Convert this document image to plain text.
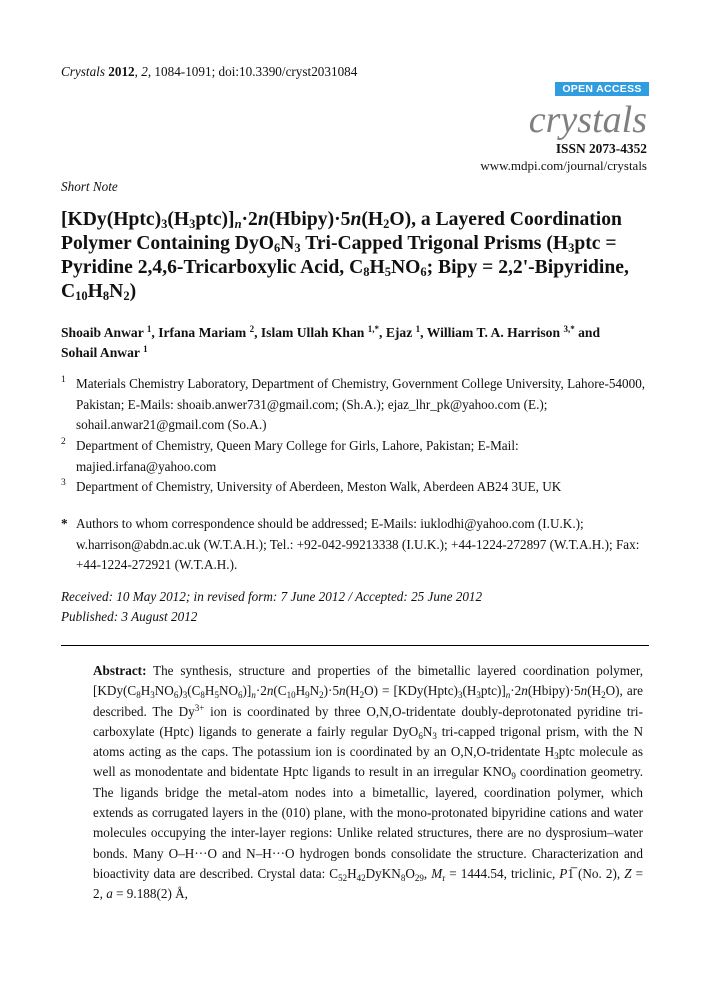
Crystals 2012, 2, 1084-1091; doi:10.3390/cryst2031084
OPEN ACCESS
crystals
ISSN 2073-4352
www.mdpi.com/journal/crystals
Short Note
$[KDy(Hptc)_3(H_3ptc)]_n\cdot 2n(Hbipy)\cdot 5n(H_2O)$, a Layered Coordination Polymer Containing $DyO_6N_3$ Tri-Capped Trigonal Prisms ($H_3ptc$ = Pyridine 2,4,6-Tricarboxylic Acid, $C_8H_5NO_6$; Bipy = 2,2'-Bipyridine, $C_{10}H_8N_2$)
Shoaib Anwar $^1$, Irfana Mariam $^2$, Islam Ullah Khan $^{1,*}$, Ejaz $^1$, William T. A. Harrison $^{3,*}$ and
Sohail Anwar $^1$
1 Materials Chemistry Laboratory, Department of Chemistry, Government College University, Lahore-54000, Pakistan; E-Mails: shoaib.anwer731@gmail.com; (Sh.A.); ejaz_lhr_pk@yahoo.com (E.); sohail.anwar21@gmail.com (So.A.)
2 Department of Chemistry, Queen Mary College for Girls, Lahore, Pakistan; E-Mail: majied.irfana@yahoo.com
3 Department of Chemistry, University of Aberdeen, Meston Walk, Aberdeen AB24 3UE, UK
* Authors to whom correspondence should be addressed; E-Mails: iuklodhi@yahoo.com (I.U.K.); w.harrison@abdn.ac.uk (W.T.A.H.); Tel.: +92-042-99213338 (I.U.K.); +44-1224-272897 (W.T.A.H.); Fax: +44-1224-272921 (W.T.A.H.).
Received: 10 May 2012; in revised form: 7 June 2012 / Accepted: 25 June 2012
Published: 3 August 2012
Abstract: The synthesis, structure and properties of the bimetallic layered coordination polymer, $[KDy(C_8H_3NO_6)_3(C_8H_5NO_6)]_n\cdot 2n(C_{10}H_9N_2)\cdot 5n(H_2O)$ = $[KDy(Hptc)_3(H_3ptc)]_n\cdot 2n(Hbipy)\cdot 5n(H_2O)$, are described. The $Dy^{3+}$ ion is coordinated by three O,N,O-tridentate doubly-deprotonated pyridine tri-carboxylate (Hptc) ligands to generate a fairly regular $DyO_6N_3$ tri-capped trigonal prism, with the N atoms acting as the caps. The potassium ion is coordinated by an O,N,O-tridentate $H_3ptc$ molecule as well as monodentate and bidentate Hptc ligands to result in an irregular $KNO_9$ coordination geometry. The ligands bridge the metal-atom nodes into a bimetallic, layered, coordination polymer, which extends as corrugated layers in the (010) plane, with the mono-protonated bipyridine cations and water molecules occupying the inter-layer regions: Unlike related structures, there are no dysprosium–water bonds. Many O–H···O and N–H···O hydrogen bonds consolidate the structure. Characterization and bioactivity data are described. Crystal data: $C_{52}H_{42}DyKN_8O_{29}$, $M_r = 1444.54$, triclinic, P1̅ (No. 2), Z = 2, a = 9.188(2) Å,
